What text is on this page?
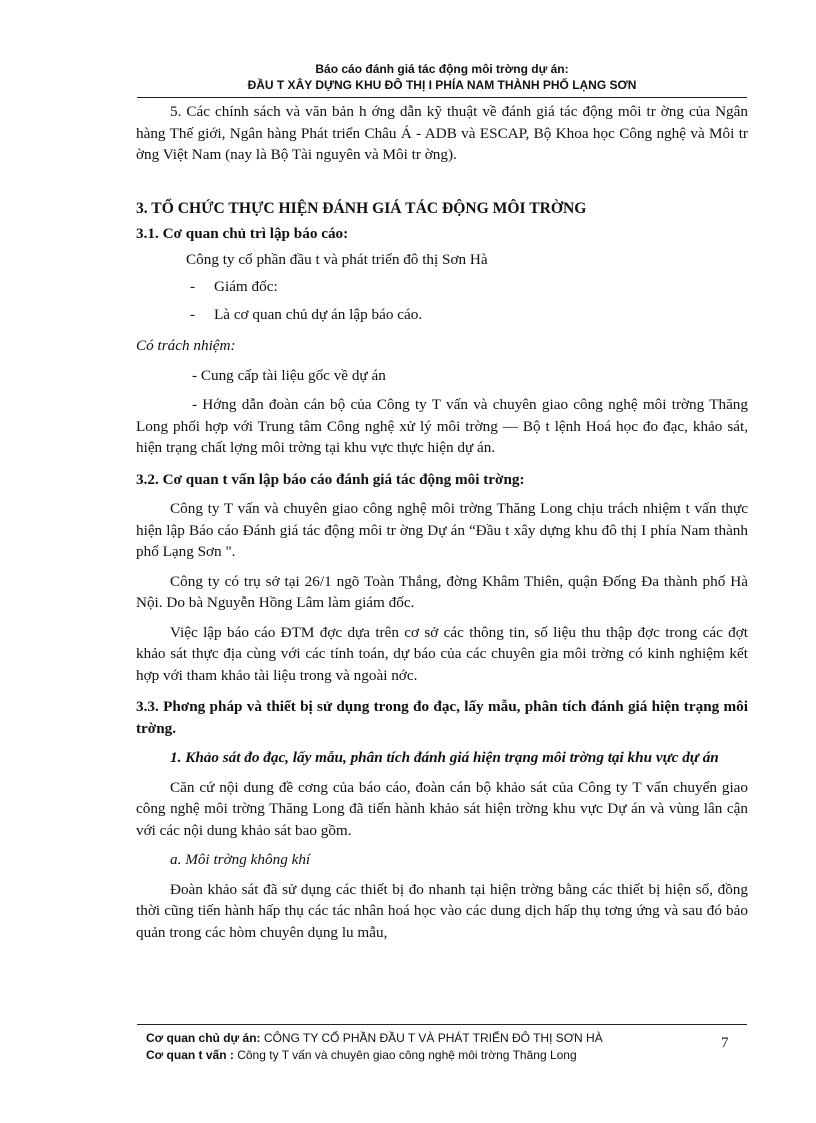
Báo cáo đánh giá tác động môi trờng dự án:
ĐẦU T XÂY DỰNG KHU ĐÔ THỊ I PHÍA NAM THÀNH PHỐ LẠNG SƠN

5. Các chính sách và văn bản h ớng dẫn kỹ thuật về đánh giá tác động môi tr ờng của Ngân hàng Thế giới, Ngân hàng Phát triển Châu Á - ADB và ESCAP, Bộ Khoa học Công nghệ và Môi tr ờng Việt Nam (nay là Bộ Tài nguyên và Môi tr ờng).

3. TỔ CHỨC THỰC HIỆN ĐÁNH GIÁ TÁC ĐỘNG MÔI TRỜNG

3.1. Cơ quan chủ trì lập báo cáo:

Công ty cổ phần đầu t và phát triển đô thị Sơn Hà

-	Giám đốc:
-	Là cơ quan chủ dự án lập báo cáo.

Có trách nhiệm:

- Cung cấp tài liệu gốc về dự án

- Hớng dẫn đoàn cán bộ của Công ty T vấn và chuyên giao công nghệ môi trờng Thăng Long phối hợp với Trung tâm Công nghệ xử lý môi trờng — Bộ t lệnh Hoá học đo đạc, khảo sát, hiện trạng chất lợng môi trờng tại khu vực thực hiện dự án.

3.2. Cơ quan t vấn lập báo cáo đánh giá tác động môi trờng:

Công ty T vấn và chuyên giao công nghệ môi trờng Thăng Long chịu trách nhiệm t vấn thực hiện lập Báo cáo Đánh giá tác động môi tr ờng Dự án “Đầu t xây dựng khu đô thị I phía Nam thành phố Lạng Sơn ".

Công ty có trụ sở tại 26/1 ngõ Toàn Thắng, đờng Khâm Thiên, quận Đống Đa thành phố Hà Nội. Do bà Nguyễn Hồng Lâm làm giám đốc.

Việc lập báo cáo ĐTM đợc dựa trên cơ sở các thông tin, số liệu thu thập đợc trong các đợt khảo sát thực địa cùng với các tính toán, dự báo của các chuyên gia môi trờng có kinh nghiệm kết hợp với tham khảo tài liệu trong và ngoài nớc.

3.3. Phơng pháp và thiết bị sử dụng trong đo đạc, lấy mẫu, phân tích đánh giá hiện trạng môi trờng.

1. Khảo sát đo đạc, lấy mẫu, phân tích đánh giá hiện trạng môi trờng tại khu vực dự án

Căn cứ nội dung đề cơng của báo cáo, đoàn cán bộ khảo sát của Công ty T vấn chuyển giao công nghệ môi trờng Thăng Long đã tiến hành khảo sát hiện trờng khu vực Dự án và vùng lân cận với các nội dung khảo sát bao gồm.

a. Môi trờng không khí

Đoàn khảo sát đã sử dụng các thiết bị đo nhanh tại hiện trờng bằng các thiết bị hiện số, đồng thời cũng tiến hành hấp thụ các tác nhân hoá học vào các dung dịch hấp thụ tơng ứng và sau đó bảo quản trong các hòm chuyên dụng lu mẫu,

Cơ quan chủ dự án: CÔNG TY CỔ PHẦN ĐẦU T VÀ PHÁT TRIỂN ĐÔ THỊ SƠN HÀ
Cơ quan t vấn : Công ty T vấn và chuyên giao công nghệ môi trờng Thăng Long
7
